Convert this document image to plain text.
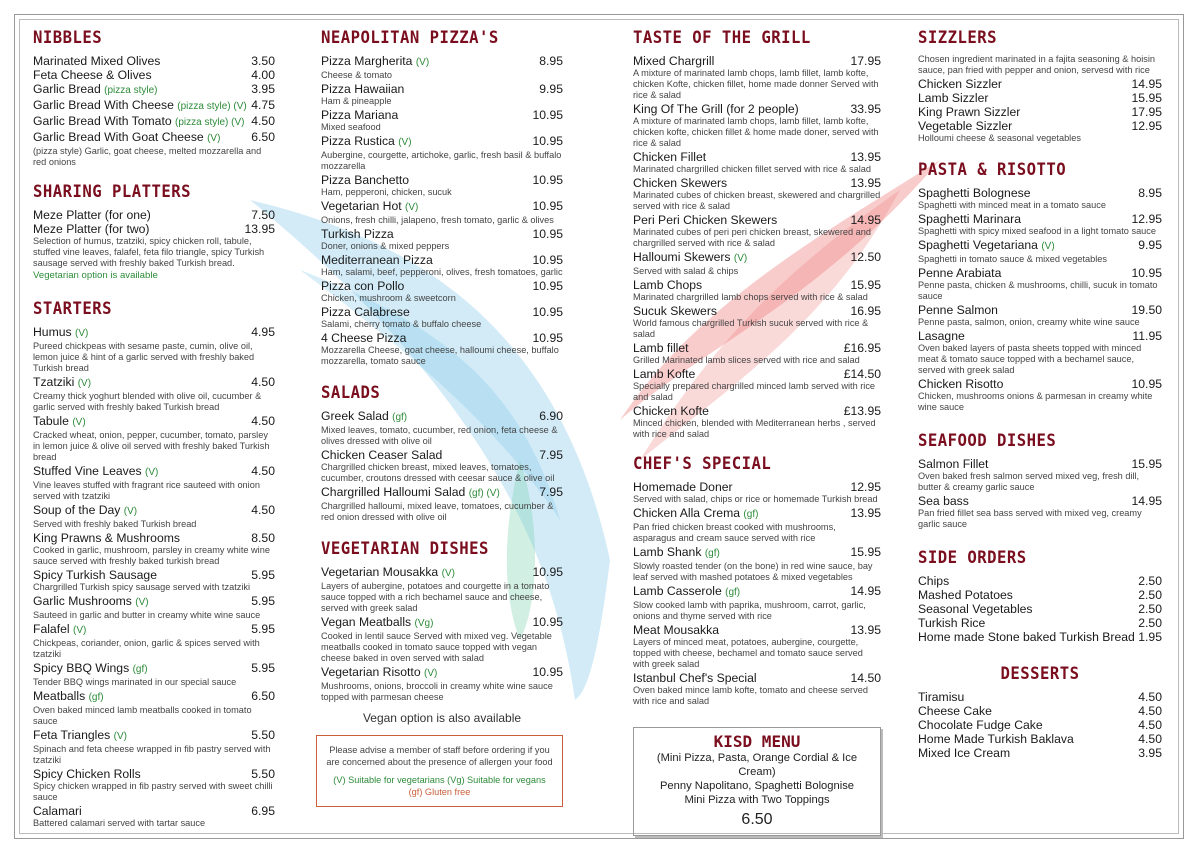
NIBBLES
Marinated Mixed Olives	3.50
Feta Cheese & Olives	4.00
Garlic Bread (pizza style)	3.95
Garlic Bread With Cheese (pizza style) (V) 4.75
Garlic Bread With Tomato (pizza style) (V) 4.50
Garlic Bread With Goat Cheese (V)	6.50
(pizza style) Garlic, goat cheese, melted mozzarella and red onions
SHARING PLATTERS
Meze Platter (for one)	7.50
Meze Platter (for two)	13.95
Selection of humus, tzatziki, spicy chicken roll, tabule, stuffed vine leaves, falafel, feta filo triangle, spicy Turkish sausage served with freshly baked Turkish bread.
Vegetarian option is available
STARTERS
Humus (V)	4.95
Pureed chickpeas with sesame paste, cumin, olive oil, lemon juice & hint of a garlic served with freshly baked Turkish bread
Tzatziki (V)	4.50
Creamy thick yoghurt blended with olive oil, cucumber & garlic served with freshly baked Turkish bread
Tabule (V)	4.50
Cracked wheat, onion, pepper, cucumber, tomato, parsley in lemon juice & olive oil served with freshly baked Turkish bread
Stuffed Vine Leaves (V)	4.50
Vine leaves stuffed with fragrant rice sauteed with onion served with tzatziki
Soup of the Day (V)	4.50
Served with freshly baked Turkish bread
King Prawns & Mushrooms	8.50
Cooked in garlic, mushroom, parsley in creamy white wine sauce served with freshly baked turkish bread
Spicy Turkish Sausage	5.95
Chargrilled Turkish spicy sausage served with tzatziki
Garlic Mushrooms (V)	5.95
Sauteed in garlic and butter in creamy white wine sauce
Falafel (V)	5.95
Chickpeas, coriander, onion, garlic & spices served with tzatziki
Spicy BBQ Wings (gf)	5.95
Tender BBQ wings marinated in our special sauce
Meatballs (gf)	6.50
Oven baked minced lamb meatballs cooked in tomato sauce
Feta Triangles (V)	5.50
Spinach and feta cheese wrapped in fib pastry served with tzatziki
Spicy Chicken Rolls	5.50
Spicy chicken wrapped in fib pastry served with sweet chilli sauce
Calamari	6.95
Battered calamari served with tartar sauce
NEAPOLITAN PIZZA'S
Pizza Margherita (V)	8.95
Cheese & tomato
Pizza Hawaiian	9.95
Ham & pineapple
Pizza Mariana	10.95
Mixed seafood
Pizza Rustica (V)	10.95
Aubergine, courgette, artichoke, garlic, fresh basil & buffalo mozzarella
Pizza Banchetto	10.95
Ham, pepperoni, chicken, sucuk
Vegetarian Hot (V)	10.95
Onions, fresh chilli, jalapeno, fresh tomato, garlic & olives
Turkish Pizza	10.95
Doner, onions & mixed peppers
Mediterranean Pizza	10.95
Ham, salami, beef, pepperoni, olives, fresh tomatoes, garlic
Pizza con Pollo	10.95
Chicken, mushroom & sweetcorn
Pizza Calabrese	10.95
Salami, cherry tomato & buffalo cheese
4 Cheese Pizza	10.95
Mozzarella Cheese, goat cheese, halloumi cheese, buffalo mozzarella, tomato sauce
SALADS
Greek Salad (gf)	6.90
Mixed leaves, tomato, cucumber, red onion, feta cheese & olives dressed with olive oil
Chicken Ceaser Salad	7.95
Chargrilled chicken breast, mixed leaves, tomatoes, cucumber, croutons dressed with ceesar sauce & olive oil
Chargrilled Halloumi Salad (gf) (V)	7.95
Chargrilled halloumi, mixed leave, tomatoes, cucumber & red onion dressed with olive oil
VEGETARIAN DISHES
Vegetarian Mousakka (V)	10.95
Layers of aubergine, potatoes and courgette in a tomato sauce topped with a rich bechamel sauce and cheese, served with greek salad
Vegan Meatballs (Vg)	10.95
Cooked in lentil sauce Served with mixed veg. Vegetable meatballs cooked in tomato sauce topped with vegan cheese baked in oven served with salad
Vegetarian Risotto (V)	10.95
Mushrooms, onions, broccoli in creamy white wine sauce topped with parmesan cheese
Vegan option is also available
Please advise a member of staff before ordering if you are concerned about the presence of allergen your food
(V) Suitable for vegetarians (Vg) Suitable for vegans
(gf) Gluten free
TASTE OF THE GRILL
Mixed Chargrill	17.95
A mixture of marinated lamb chops, lamb fillet, lamb kofte, chicken Kofte, chicken fillet, home made donner Served with rice & salad
King Of The Grill (for 2 people)	33.95
A mixture of marinated lamb chops, lamb fillet, lamb kofte, chicken kofte, chicken fillet & home made doner, served with rice & salad
Chicken Fillet	13.95
Marinated chargrilled chicken fillet served with rice & salad
Chicken Skewers	13.95
Marinated cubes of chicken breast, skewered and chargrilled served with rice & salad
Peri Peri Chicken Skewers	14.95
Marinated cubes of peri peri chicken breast, skewered and chargrilled served with rice & salad
Halloumi Skewers (V)	12.50
Served with salad & chips
Lamb Chops	15.95
Marinated chargrilled lamb chops served with rice & salad
Sucuk Skewers	16.95
World famous chargrilled Turkish sucuk served with rice & salad
Lamb fillet	£16.95
Grilled Marinated lamb slices served with rice and salad
Lamb Kofte	£14.50
Specially prepared chargrilled minced lamb served with rice and salad
Chicken Kofte	£13.95
Minced chicken, blended with Mediterranean herbs , served with rice and salad
CHEF'S SPECIAL
Homemade Doner	12.95
Served with salad, chips or rice or homemade Turkish bread
Chicken Alla Crema (gf)	13.95
Pan fried chicken breast cooked with mushrooms, asparagus and cream sauce served with rice
Lamb Shank (gf)	15.95
Slowly roasted tender (on the bone) in red wine sauce, bay leaf served with mashed potatoes & mixed vegetables
Lamb Casserole (gf)	14.95
Slow cooked lamb with paprika, mushroom, carrot, garlic, onions and thyme served with rice
Meat Mousakka	13.95
Layers of minced meat, potatoes, aubergine, courgette, topped with cheese, bechamel and tomato sauce served with greek salad
Istanbul Chef's Special	14.50
Oven baked mince lamb kofte, tomato and cheese served with rice and salad
KISD MENU
(Mini Pizza, Pasta, Orange Cordial & Ice Cream)
Penny Napolitano, Spaghetti Bolognise
Mini Pizza with Two Toppings
6.50
SIZZLERS
Chosen ingredient marinated in a fajita seasoning & hoisin sauce, pan fried with pepper and onion, servesd with rice
Chicken Sizzler	14.95
Lamb Sizzler	15.95
King Prawn Sizzler	17.95
Vegetable Sizzler	12.95
Holloumi cheese & seasonal vegetables
PASTA & RISOTTO
Spaghetti Bolognese	8.95
Spaghetti with minced meat in a tomato sauce
Spaghetti Marinara	12.95
Spaghetti with spicy mixed seafood in a light tomato sauce
Spaghetti Vegetariana (V)	9.95
Spaghetti in tomato sauce & mixed vegetables
Penne Arabiata	10.95
Penne pasta, chicken & mushrooms, chilli, sucuk in tomato sauce
Penne Salmon	19.50
Penne pasta, salmon, onion, creamy white wine sauce
Lasagne	11.95
Oven baked layers of pasta sheets topped with minced meat & tomato sauce topped with a bechamel sauce, served with greek salad
Chicken Risotto	10.95
Chicken, mushrooms onions & parmesan in creamy white wine sauce
SEAFOOD DISHES
Salmon Fillet	15.95
Oven baked fresh salmon served mixed veg, fresh dill, butter & creamy garlic sauce
Sea bass	14.95
Pan fried fillet sea bass served with mixed veg, creamy garlic sauce
SIDE ORDERS
Chips	2.50
Mashed Potatoes	2.50
Seasonal Vegetables	2.50
Turkish Rice	2.50
Home made Stone baked Turkish Bread 1.95
DESSERTS
Tiramisu	4.50
Cheese Cake	4.50
Chocolate Fudge Cake	4.50
Home Made Turkish Baklava	4.50
Mixed Ice Cream	3.95
